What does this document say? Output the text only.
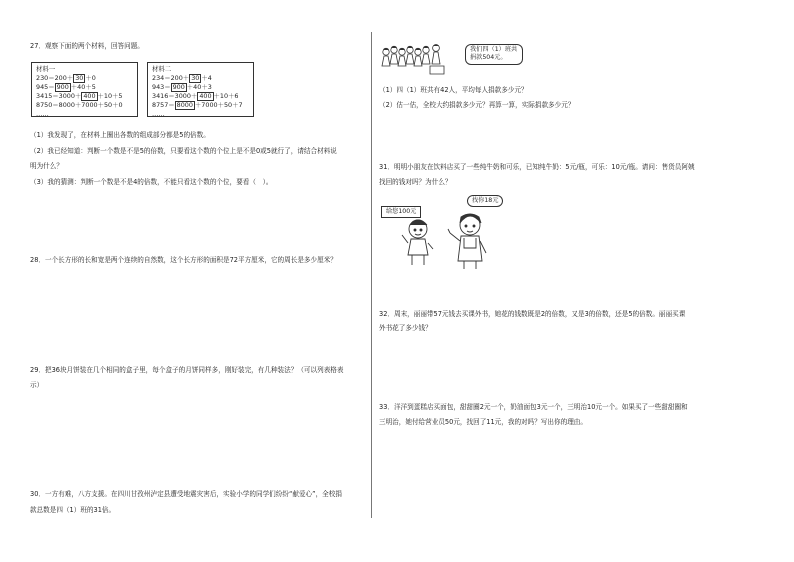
27．观察下面的两个材料，回答问题。
材料一
230＝200＋ 30 ＋0
945＝ 900 ＋40＋5
3415＝3000＋ 400 ＋10＋5
8750＝8000＋7000＋50＋0
……
材料二
234＝200＋ 30 ＋4
943＝ 900 ＋40＋3
3416＝3000＋ 400 ＋10＋6
8757＝ 8000 ＋7000＋50＋7
……
（1）我发现了，在材料上圈出各数的组成部分都是5的倍数。
（2）我已经知道：判断一个数是不是5的倍数，只要看这个数的个位上是不是0或5就行了，请结合材料说
明为什么？
（3）我的猜测：判断一个数是不是4的倍数，不能只看这个数的个位，要看（　）。
28．一个长方形的长和宽是两个连续的自然数，这个长方形的面积是72平方厘米，它的周长是多少厘米？
29．把36块月饼装在几个相同的盒子里，每个盒子的月饼同样多，刚好装完，有几种装法？（可以列表格表
示）
30．一方有难，八方支援。在四川甘孜州泸定县遭受地震灾害后，实验小学的同学们纷纷“献爱心”，全校捐
款总数是四（1）班的31倍。
我们四（1）班共
捐款504元。
（1）四（1）班共有42人，平均每人捐款多少元？
（2）估一估，全校大约捐款多少元？再算一算，实际捐款多少元？
31．明明小朋友在饮料店买了一些纯牛奶和可乐，已知纯牛奶：5元/瓶，可乐：10元/瓶。请问：售货员阿姨
找回的钱对吗？为什么？
给您100元
找你18元
32．周末，丽丽带57元钱去买课外书，她花的钱数既是2的倍数，又是3的倍数，还是5的倍数。丽丽买课
外书花了多少钱？
33．洋洋到蛋糕店买面包，甜甜圈2元一个，奶油面包3元一个，三明治10元一个。如果买了一些甜甜圈和
三明治，她付给营业员50元，找回了11元，我的对吗？写出你的理由。
